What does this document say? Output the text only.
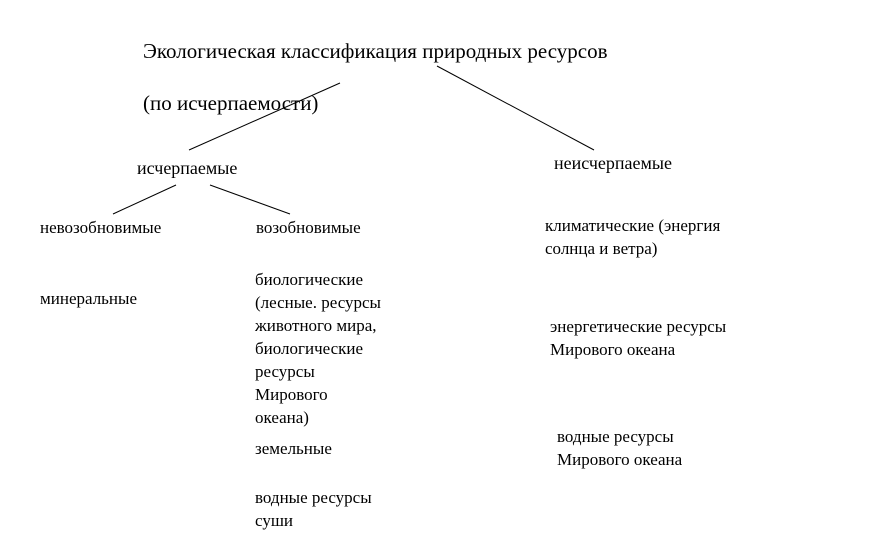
Экологическая классификация природных ресурсов

(по исчерпаемости)

исчерпаемые	неисчерпаемые
невозобновимые	возобновимые
минеральные
биологические
(лесные. ресурсы
животного мира,
биологические
ресурсы
Мирового
океана)
земельные
водные ресурсы
суши
климатические (энергия
солнца и ветра)
энергетические ресурсы
Мирового океана
водные ресурсы
Мирового океана
